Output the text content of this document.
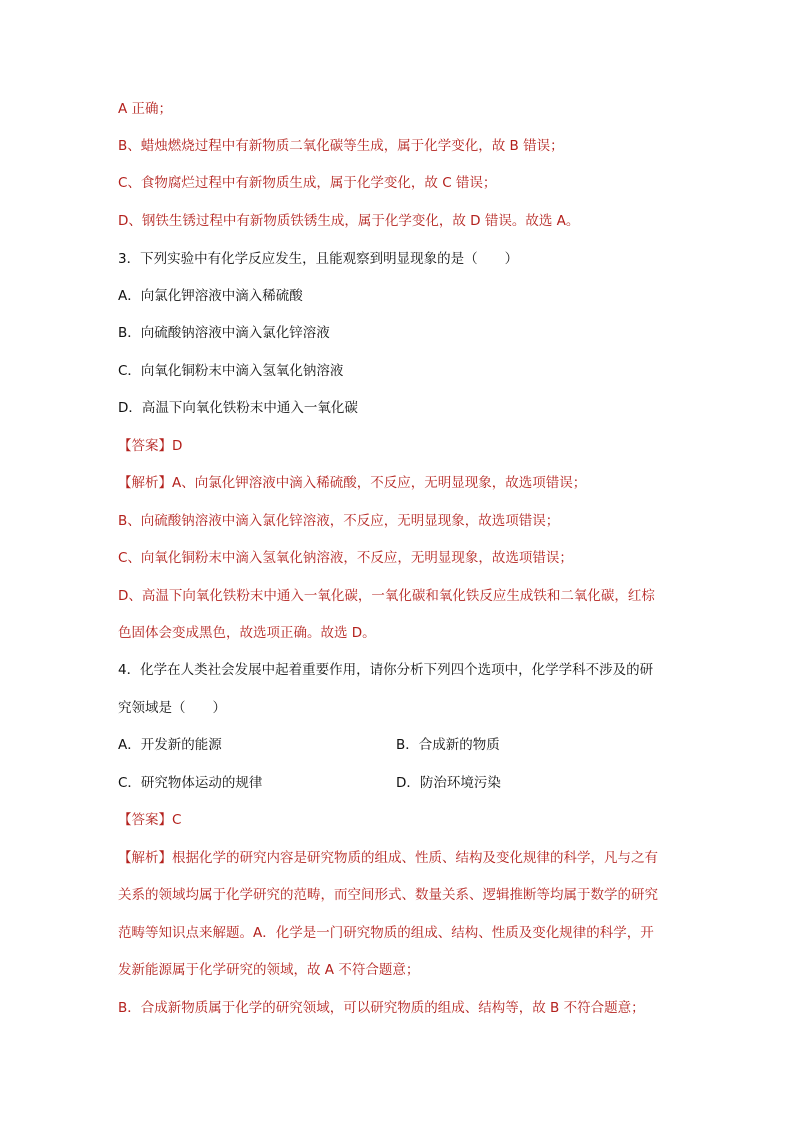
A 正确；
B、蜡烛燃烧过程中有新物质二氧化碳等生成，属于化学变化，故 B 错误；
C、食物腐烂过程中有新物质生成，属于化学变化，故 C 错误；
D、钢铁生锈过程中有新物质铁锈生成，属于化学变化，故 D 错误。故选 A。
3．下列实验中有化学反应发生，且能观察到明显现象的是（　　）
A．向氯化钾溶液中滴入稀硫酸
B．向硫酸钠溶液中滴入氯化锌溶液
C．向氧化铜粉末中滴入氢氧化钠溶液
D．高温下向氧化铁粉末中通入一氧化碳
【答案】D
【解析】A、向氯化钾溶液中滴入稀硫酸，不反应，无明显现象，故选项错误；
B、向硫酸钠溶液中滴入氯化锌溶液，不反应，无明显现象，故选项错误；
C、向氧化铜粉末中滴入氢氧化钠溶液，不反应，无明显现象，故选项错误；
D、高温下向氧化铁粉末中通入一氧化碳，一氧化碳和氧化铁反应生成铁和二氧化碳，红棕
色固体会变成黑色，故选项正确。故选 D。
4．化学在人类社会发展中起着重要作用，请你分析下列四个选项中，化学学科不涉及的研
究领域是（　　）
A．开发新的能源	B．合成新的物质
C．研究物体运动的规律	D．防治环境污染
【答案】C
【解析】根据化学的研究内容是研究物质的组成、性质、结构及变化规律的科学，凡与之有
关系的领域均属于化学研究的范畴，而空间形式、数量关系、逻辑推断等均属于数学的研究
范畴等知识点来解题。A．化学是一门研究物质的组成、结构、性质及变化规律的科学，开
发新能源属于化学研究的领域，故 A 不符合题意；
B．合成新物质属于化学的研究领域，可以研究物质的组成、结构等，故 B 不符合题意；
